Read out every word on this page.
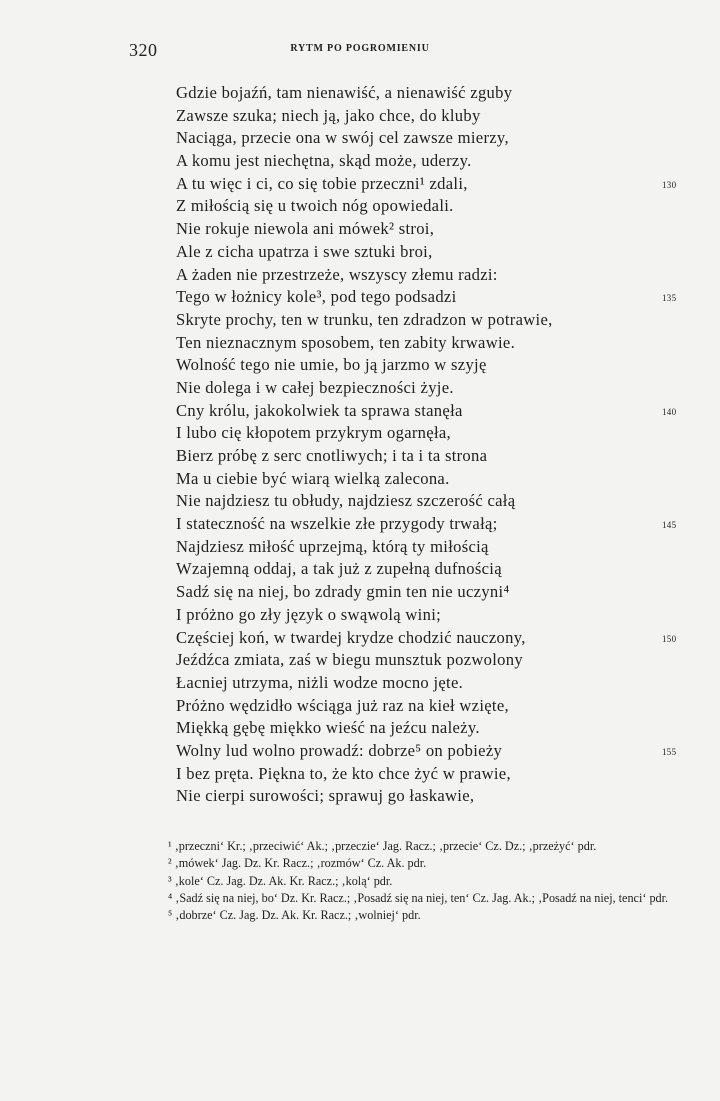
320	RYTM PO POGROMIENIU
Gdzie bojaźń, tam nienawiść, a nienawiść zguby
Zawsze szuka; niech ją, jako chce, do kluby
Naciąga, przecie ona w swój cel zawsze mierzy,
A komu jest niechętna, skąd może, uderzy.
A tu więc i ci, co się tobie przeczni¹ zdali,	130
Z miłością się u twoich nóg opowiedali.
Nie rokuje niewola ani mówek² stroi,
Ale z cicha upatrza i swe sztuki broi,
A żaden nie przestrzeże, wszyscy złemu radzi:
Tego w łożnicy kole³, pod tego podsadzi	135
Skryte prochy, ten w trunku, ten zdradzon w potrawie,
Ten nieznacznym sposobem, ten zabity krwawie.
Wolność tego nie umie, bo ją jarzmo w szyję
Nie dolega i w całej bezpieczności żyje.
Cny królu, jakokolwiek ta sprawa stanęła	140
I lubo cię kłopotem przykrym ogarnęła,
Bierz próbę z serc cnotliwych; i ta i ta strona
Ma u ciebie być wiarą wielką zalecona.
Nie najdziesz tu obłudy, najdziesz szczerość całą
I stateczność na wszelkie złe przygody trwałą;	145
Najdziesz miłość uprzejmą, którą ty miłością
Wzajemną oddaj, a tak już z zupełną dufnością
Sadź się na niej, bo zdrady gmin ten nie uczyni⁴
I próżno go zły język o swąwolą wini;
Częściej koń, w twardej krydze chodzić nauczony,	150
Jeźdźca zmiata, zaś w biegu munsztuk pozwolony
Łacniej utrzyma, niżli wodze mocno jęte.
Próżno wędzidło wściąga już raz na kieł wzięte,
Miękką gębę miękko wieść na jeźcu należy.
Wolny lud wolno prowadź: dobrze⁵ on pobieży	155
I bez pręta. Piękna to, że kto chce żyć w prawie,
Nie cierpi surowości; sprawuj go łaskawie,

¹ ‚przeczni‘ Kr.; ‚przeciwić‘ Ak.; ‚przeczie‘ Jag. Racz.; ‚przecie‘ Cz. Dz.; ‚przeżyć‘ pdr.

² ‚mówek‘ Jag. Dz. Kr. Racz.; ‚rozmów‘ Cz. Ak. pdr.

³ ‚kole‘ Cz. Jag. Dz. Ak. Kr. Racz.; ‚kolą‘ pdr.

⁴ ‚Sadź się na niej, bo‘ Dz. Kr. Racz.; ‚Posadź się na niej, ten‘ Cz. Jag. Ak.; ‚Posadź na niej, tenci‘ pdr.

⁵ ‚dobrze‘ Cz. Jag. Dz. Ak. Kr. Racz.; ‚wolniej‘ pdr.
